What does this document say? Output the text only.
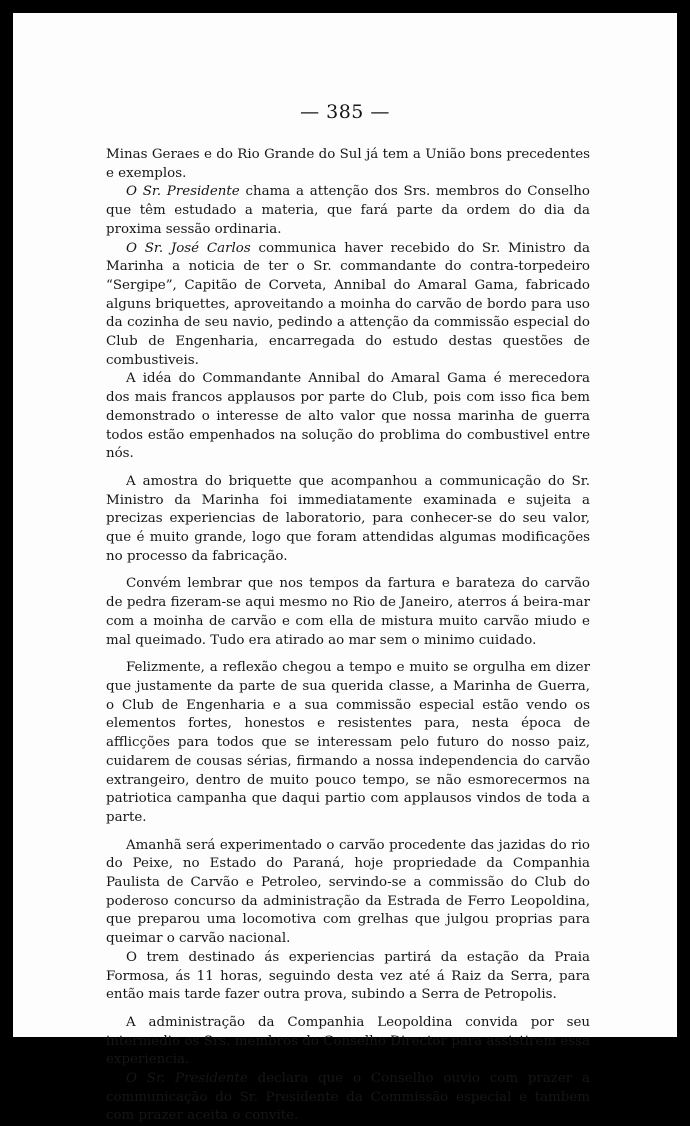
— 385 —

Minas Geraes e do Rio Grande do Sul já tem a União bons precedentes e exemplos.

O Sr. Presidente chama a attenção dos Srs. membros do Conselho que têm estudado a materia, que fará parte da ordem do dia da proxima sessão ordinaria.

O Sr. José Carlos communica haver recebido do Sr. Ministro da Marinha a noticia de ter o Sr. commandante do contra-torpedeiro “Sergipe”, Capitão de Corveta, Annibal do Amaral Gama, fabricado alguns briquettes, aproveitando a moinha do carvão de bordo para uso da cozinha de seu navio, pedindo a attenção da commissão especial do Club de Engenharia, encarregada do estudo destas questões de combustiveis.

A idéa do Commandante Annibal do Amaral Gama é merecedora dos mais francos applausos por parte do Club, pois com isso fica bem demonstrado o interesse de alto valor que nossa marinha de guerra todos estão empenhados na solução do problima do combustivel entre nós.

A amostra do briquette que acompanhou a communicação do Sr. Ministro da Marinha foi immediatamente examinada e sujeita a precizas experiencias de laboratorio, para conhecer-se do seu valor, que é muito grande, logo que foram attendidas algumas modificações no processo da fabricação.

Convém lembrar que nos tempos da fartura e barateza do carvão de pedra fizeram-se aqui mesmo no Rio de Janeiro, aterros á beira-mar com a moinha de carvão e com ella de mistura muito carvão miudo e mal queimado. Tudo era atirado ao mar sem o minimo cuidado.

Felizmente, a reflexão chegou a tempo e muito se orgulha em dizer que justamente da parte de sua querida classe, a Marinha de Guerra, o Club de Engenharia e a sua commissão especial estão vendo os elementos fortes, honestos e resistentes para, nesta época de afflicções para todos que se interessam pelo futuro do nosso paiz, cuidarem de cousas sérias, firmando a nossa independencia do carvão extrangeiro, dentro de muito pouco tempo, se não esmorecermos na patriotica campanha que daqui partio com applausos vindos de toda a parte.

Amanhã será experimentado o carvão procedente das jazidas do rio do Peixe, no Estado do Paraná, hoje propriedade da Companhia Paulista de Carvão e Petroleo, servindo-se a commissão do Club do poderoso concurso da administração da Estrada de Ferro Leopoldina, que preparou uma locomotiva com grelhas que julgou proprias para queimar o carvão nacional.

O trem destinado ás experiencias partirá da estação da Praia Formosa, ás 11 horas, seguindo desta vez até á Raiz da Serra, para então mais tarde fazer outra prova, subindo a Serra de Petropolis.

A administração da Companhia Leopoldina convida por seu intermedio os Srs. membros do Conselho Director para assistirem essa experiencia.

O Sr. Presidente declara que o Conselho ouvio com prazer a communicação do Sr. Presidente da Commissão especial e tambem com prazer aceita o convite.
